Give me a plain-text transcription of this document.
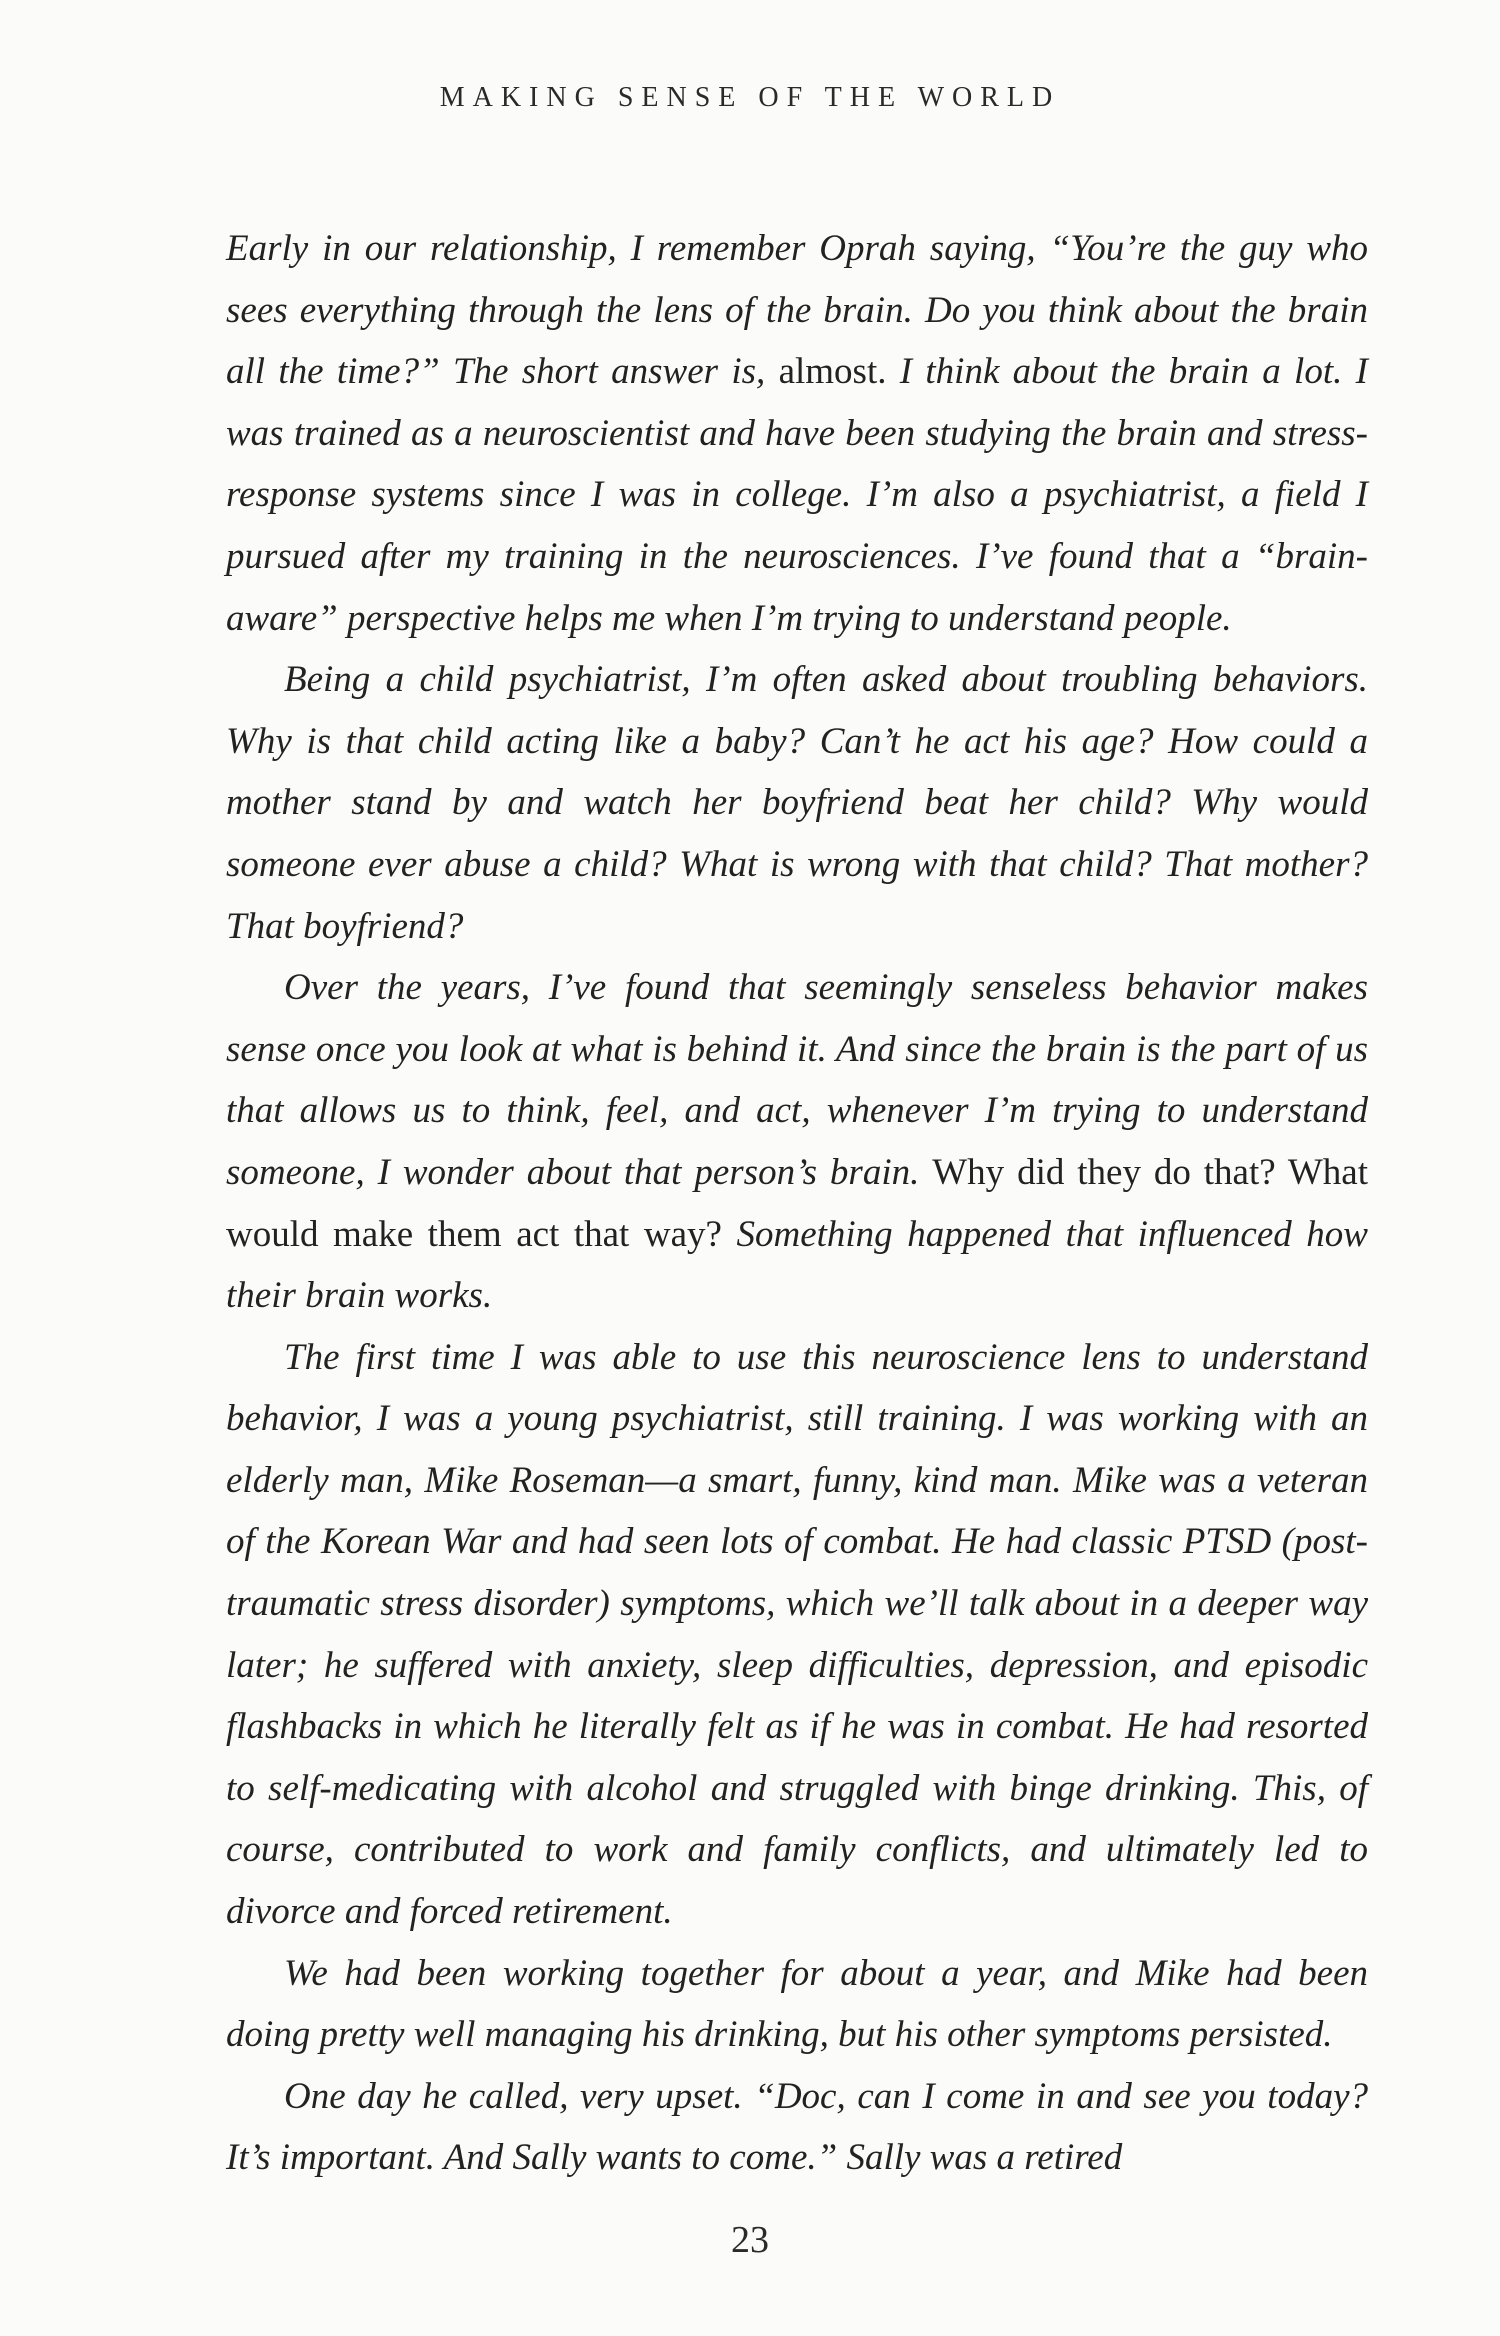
MAKING SENSE OF THE WORLD

Early in our relationship, I remember Oprah saying, “You’re the guy who sees everything through the lens of the brain. Do you think about the brain all the time?” The short answer is, almost. I think about the brain a lot. I was trained as a neuroscientist and have been studying the brain and stress-response systems since I was in college. I’m also a psychiatrist, a field I pursued after my training in the neurosciences. I’ve found that a “brain-aware” perspective helps me when I’m trying to understand people.

Being a child psychiatrist, I’m often asked about troubling behaviors. Why is that child acting like a baby? Can’t he act his age? How could a mother stand by and watch her boyfriend beat her child? Why would someone ever abuse a child? What is wrong with that child? That mother? That boyfriend?

Over the years, I’ve found that seemingly senseless behavior makes sense once you look at what is behind it. And since the brain is the part of us that allows us to think, feel, and act, whenever I’m trying to understand someone, I wonder about that person’s brain. Why did they do that? What would make them act that way? Something happened that influenced how their brain works.

The first time I was able to use this neuroscience lens to understand behavior, I was a young psychiatrist, still training. I was working with an elderly man, Mike Roseman—a smart, funny, kind man. Mike was a veteran of the Korean War and had seen lots of combat. He had classic PTSD (post-traumatic stress disorder) symptoms, which we’ll talk about in a deeper way later; he suffered with anxiety, sleep difficulties, depression, and episodic flashbacks in which he literally felt as if he was in combat. He had resorted to self-medicating with alcohol and struggled with binge drinking. This, of course, contributed to work and family conflicts, and ultimately led to divorce and forced retirement.

We had been working together for about a year, and Mike had been doing pretty well managing his drinking, but his other symptoms persisted.

One day he called, very upset. “Doc, can I come in and see you today? It’s important. And Sally wants to come.” Sally was a retired

23
